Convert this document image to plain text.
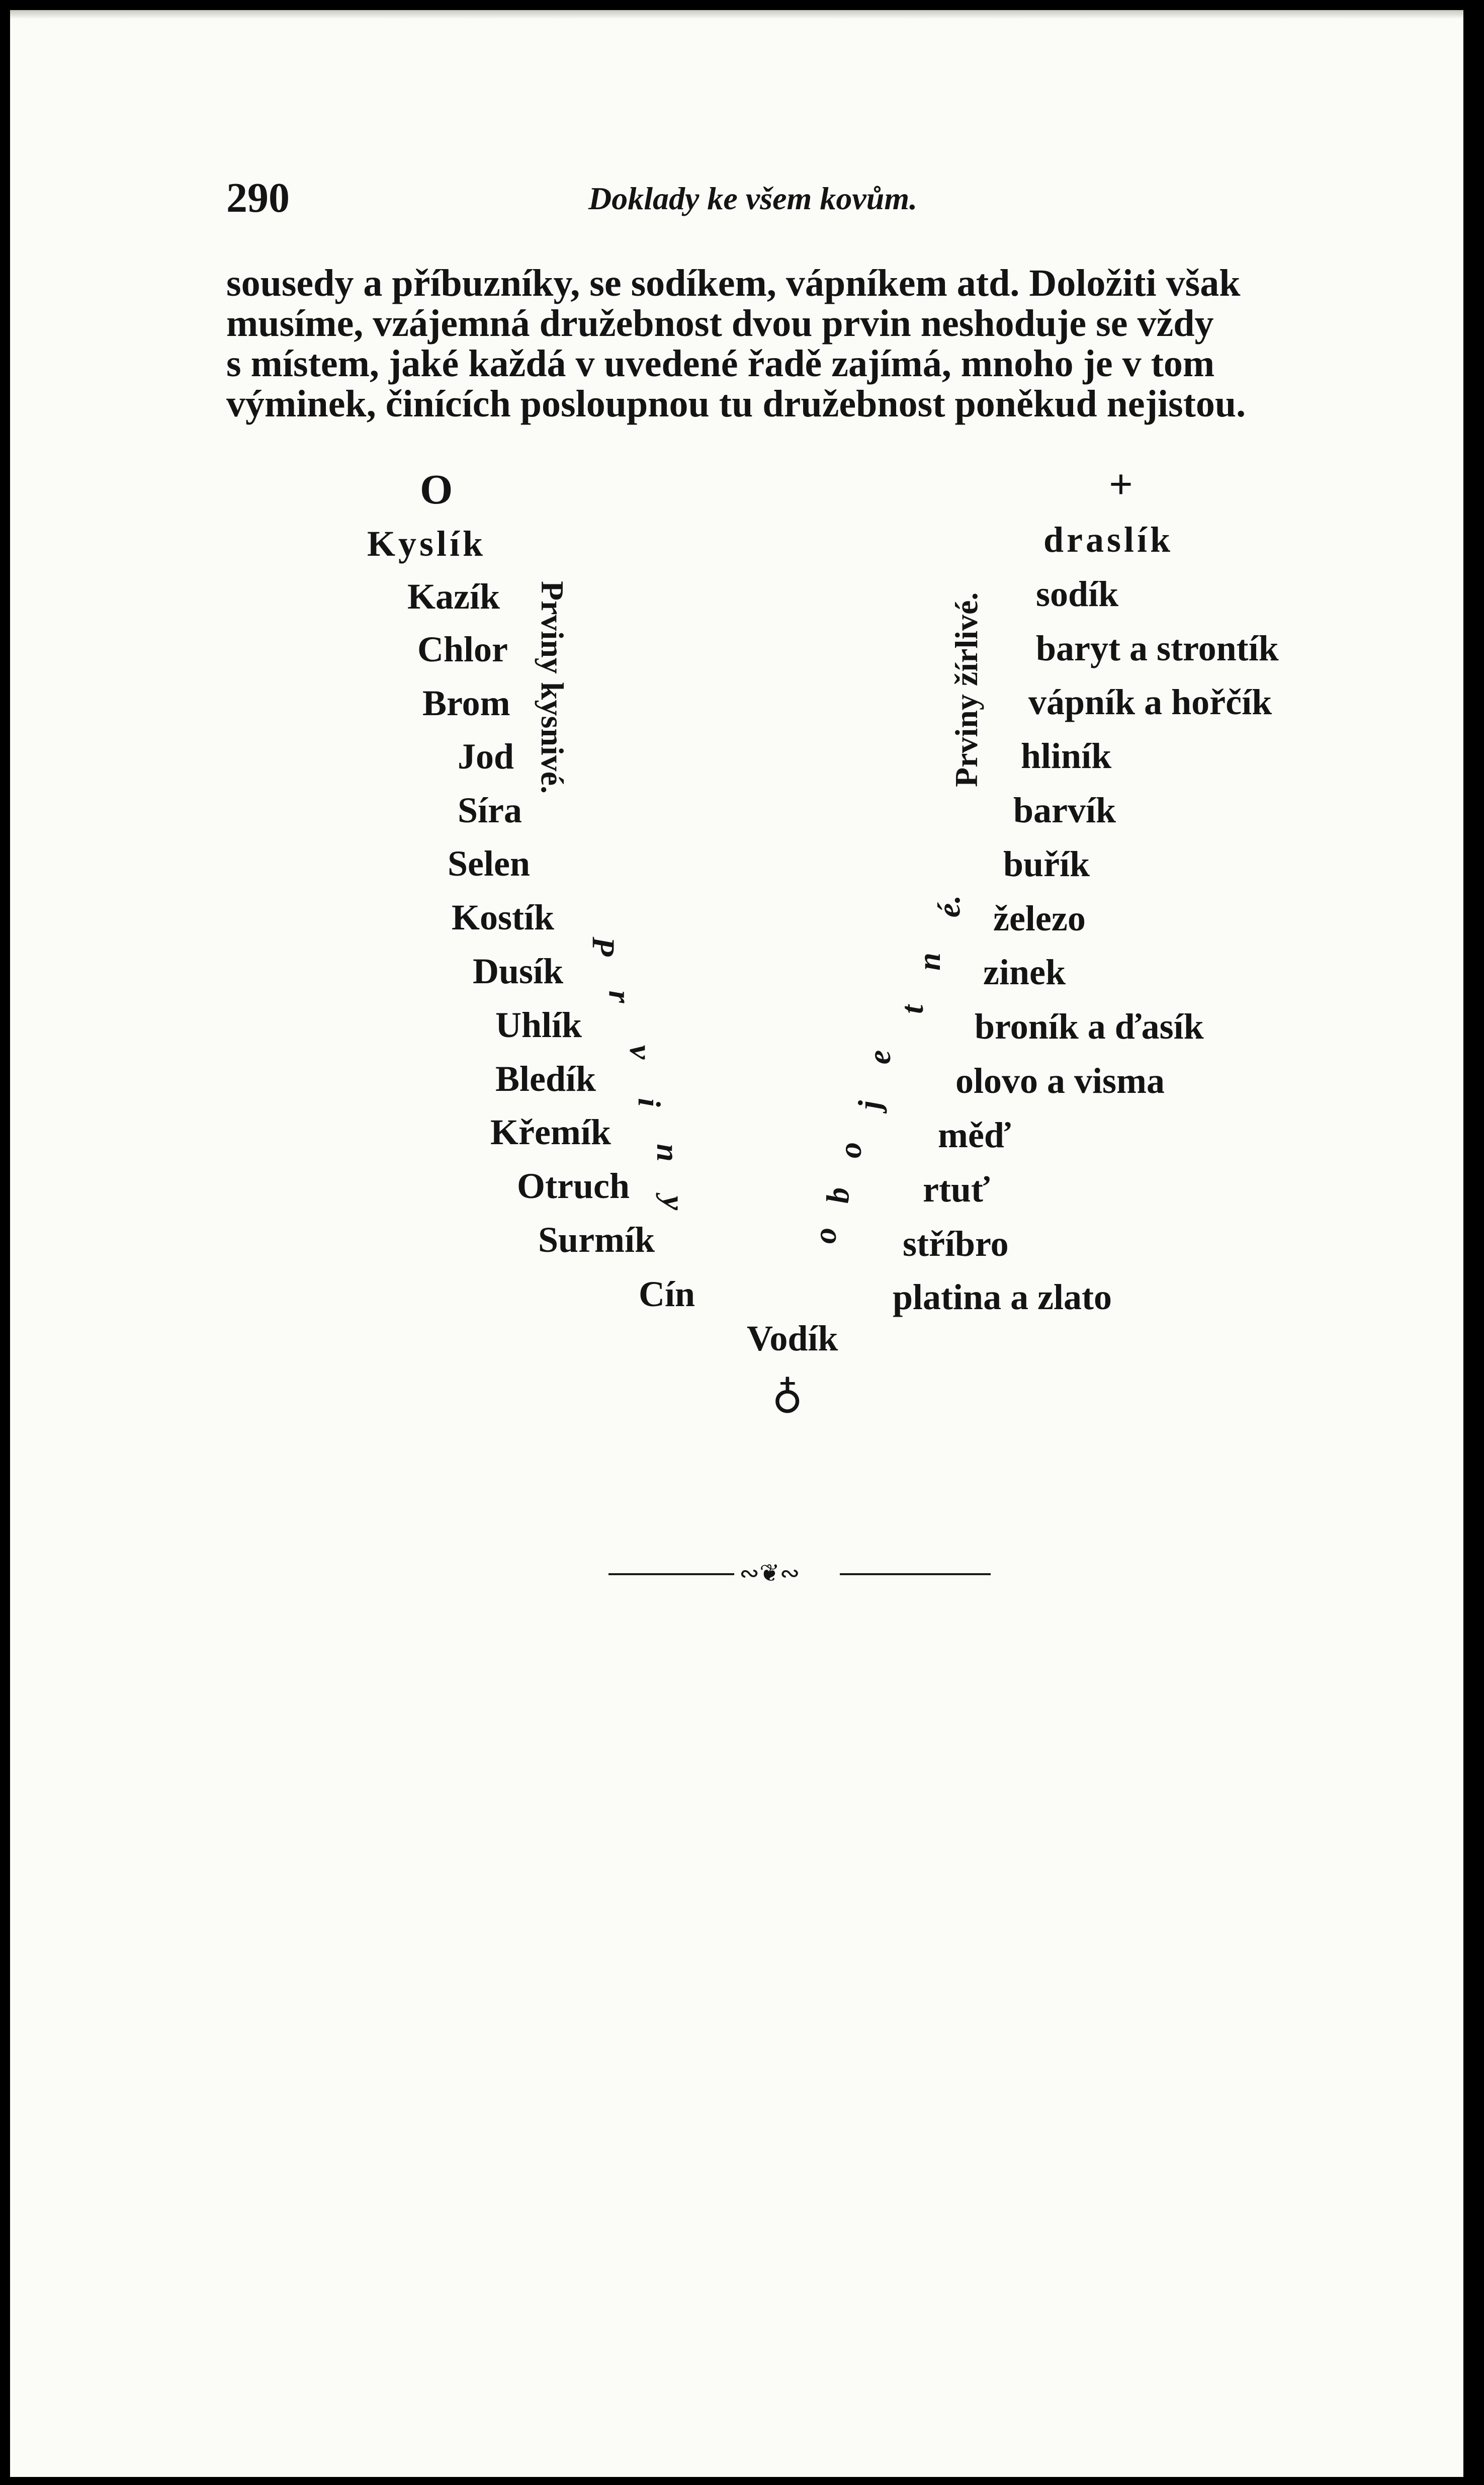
290	Doklady ke všem kovům.
sousedy a příbuzníky, se sodíkem, vápníkem atd. Doložiti však
musíme, vzájemná družebnost dvou prvin neshoduje se vždy
s místem, jaké každá v uvedené řadě zajímá, mnoho je v tom
výminek, činících posloupnou tu družebnost poněkud nejistou.
O	+
Kyslík
Kazík
Chlor
Brom
Jod
Síra
Selen
Kostík
Dusík
Uhlík
Bledík
Křemík
Otruch
Surmík
Cín
draslík
sodík
baryt a strontík
vápník a hořčík
hliník
barvík
buřík
železo
zinek
broník a ďasík
olovo a visma
měď
rtuť
stříbro
platina a zlato
Vodík
♁
Prviny kysnivé.	Prviny žírlivé.
P
r
v
i
n
y
o
b
o
j
e
t
n
é.
∾❦∾
